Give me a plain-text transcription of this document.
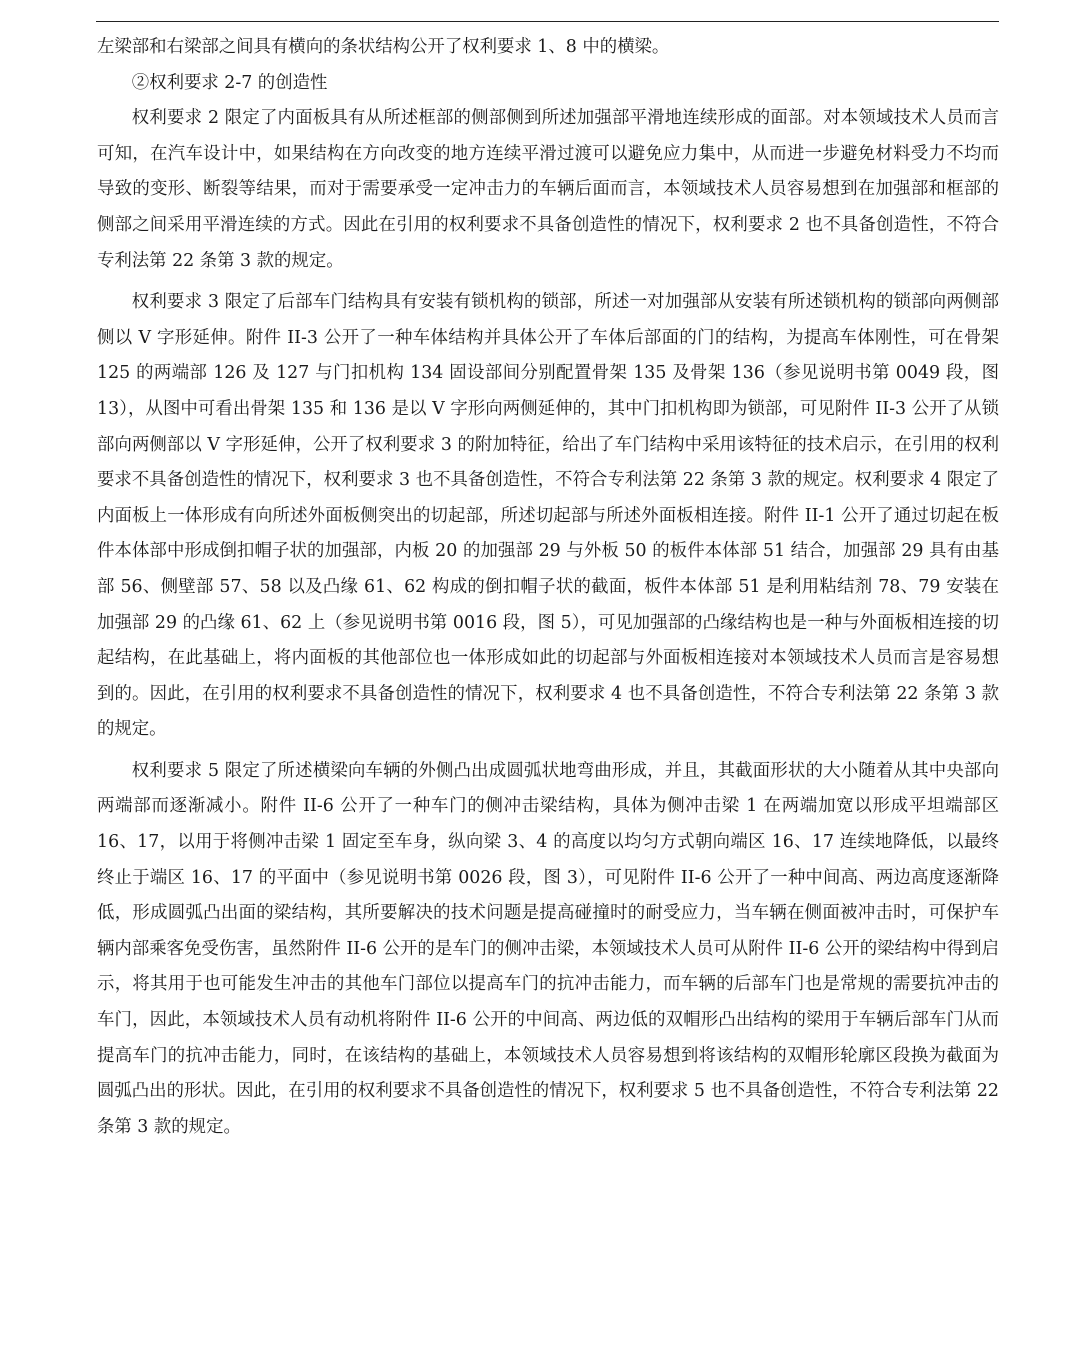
左梁部和右梁部之间具有横向的条状结构公开了权利要求 1、8 中的横梁。

②权利要求 2-7 的创造性

权利要求 2 限定了内面板具有从所述框部的侧部侧到所述加强部平滑地连续形成的面部。对本领域技术人员而言可知，在汽车设计中，如果结构在方向改变的地方连续平滑过渡可以避免应力集中，从而进一步避免材料受力不均而导致的变形、断裂等结果，而对于需要承受一定冲击力的车辆后面而言，本领域技术人员容易想到在加强部和框部的侧部之间采用平滑连续的方式。因此在引用的权利要求不具备创造性的情况下，权利要求 2 也不具备创造性，不符合专利法第 22 条第 3 款的规定。

权利要求 3 限定了后部车门结构具有安装有锁机构的锁部，所述一对加强部从安装有所述锁机构的锁部向两侧部侧以 V 字形延伸。附件 II-3 公开了一种车体结构并具体公开了车体后部面的门的结构，为提高车体刚性，可在骨架 125 的两端部 126 及 127 与门扣机构 134 固设部间分别配置骨架 135 及骨架 136（参见说明书第 0049 段，图 13），从图中可看出骨架 135 和 136 是以 V 字形向两侧延伸的，其中门扣机构即为锁部，可见附件 II-3 公开了从锁部向两侧部以 V 字形延伸，公开了权利要求 3 的附加特征，给出了车门结构中采用该特征的技术启示，在引用的权利要求不具备创造性的情况下，权利要求 3 也不具备创造性，不符合专利法第 22 条第 3 款的规定。权利要求 4 限定了内面板上一体形成有向所述外面板侧突出的切起部，所述切起部与所述外面板相连接。附件 II-1 公开了通过切起在板件本体部中形成倒扣帽子状的加强部，内板 20 的加强部 29 与外板 50 的板件本体部 51 结合，加强部 29 具有由基部 56、侧壁部 57、58 以及凸缘 61、62 构成的倒扣帽子状的截面，板件本体部 51 是利用粘结剂 78、79 安装在加强部 29 的凸缘 61、62 上（参见说明书第 0016 段，图 5），可见加强部的凸缘结构也是一种与外面板相连接的切起结构，在此基础上，将内面板的其他部位也一体形成如此的切起部与外面板相连接对本领域技术人员而言是容易想到的。因此，在引用的权利要求不具备创造性的情况下，权利要求 4 也不具备创造性，不符合专利法第 22 条第 3 款的规定。

权利要求 5 限定了所述横梁向车辆的外侧凸出成圆弧状地弯曲形成，并且，其截面形状的大小随着从其中央部向两端部而逐渐减小。附件 II-6 公开了一种车门的侧冲击梁结构，具体为侧冲击梁 1 在两端加宽以形成平坦端部区 16、17，以用于将侧冲击梁 1 固定至车身，纵向梁 3、4 的高度以均匀方式朝向端区 16、17 连续地降低，以最终终止于端区 16、17 的平面中（参见说明书第 0026 段，图 3），可见附件 II-6 公开了一种中间高、两边高度逐渐降低，形成圆弧凸出面的梁结构，其所要解决的技术问题是提高碰撞时的耐受应力，当车辆在侧面被冲击时，可保护车辆内部乘客免受伤害，虽然附件 II-6 公开的是车门的侧冲击梁，本领域技术人员可从附件 II-6 公开的梁结构中得到启示，将其用于也可能发生冲击的其他车门部位以提高车门的抗冲击能力，而车辆的后部车门也是常规的需要抗冲击的车门，因此，本领域技术人员有动机将附件 II-6 公开的中间高、两边低的双帽形凸出结构的梁用于车辆后部车门从而提高车门的抗冲击能力，同时，在该结构的基础上，本领域技术人员容易想到将该结构的双帽形轮廓区段换为截面为圆弧凸出的形状。因此，在引用的权利要求不具备创造性的情况下，权利要求 5 也不具备创造性，不符合专利法第 22 条第 3 款的规定。
